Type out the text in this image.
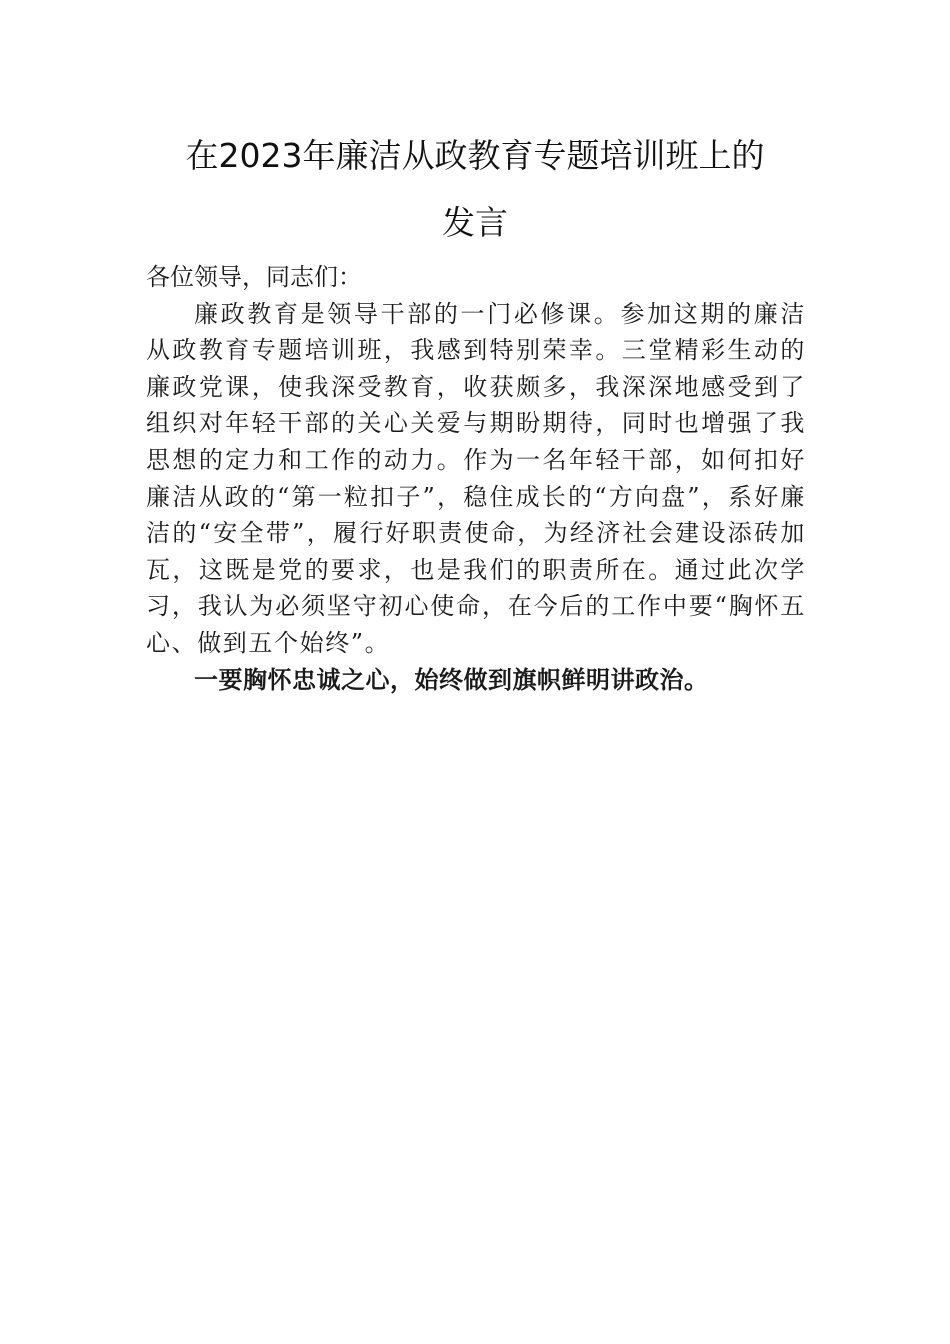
在2023年廉洁从政教育专题培训班上的
发言

各位领导，同志们：

廉政教育是领导干部的一门必修课。参加这期的廉洁从政教育专题培训班，我感到特别荣幸。三堂精彩生动的廉政党课，使我深受教育，收获颇多，我深深地感受到了组织对年轻干部的关心关爱与期盼期待，同时也增强了我思想的定力和工作的动力。作为一名年轻干部，如何扣好廉洁从政的“第一粒扣子”，稳住成长的“方向盘”，系好廉洁的“安全带”，履行好职责使命，为经济社会建设添砖加瓦，这既是党的要求，也是我们的职责所在。通过此次学习，我认为必须坚守初心使命，在今后的工作中要“胸怀五心、做到五个始终”。

一要胸怀忠诚之心，始终做到旗帜鲜明讲政治。
